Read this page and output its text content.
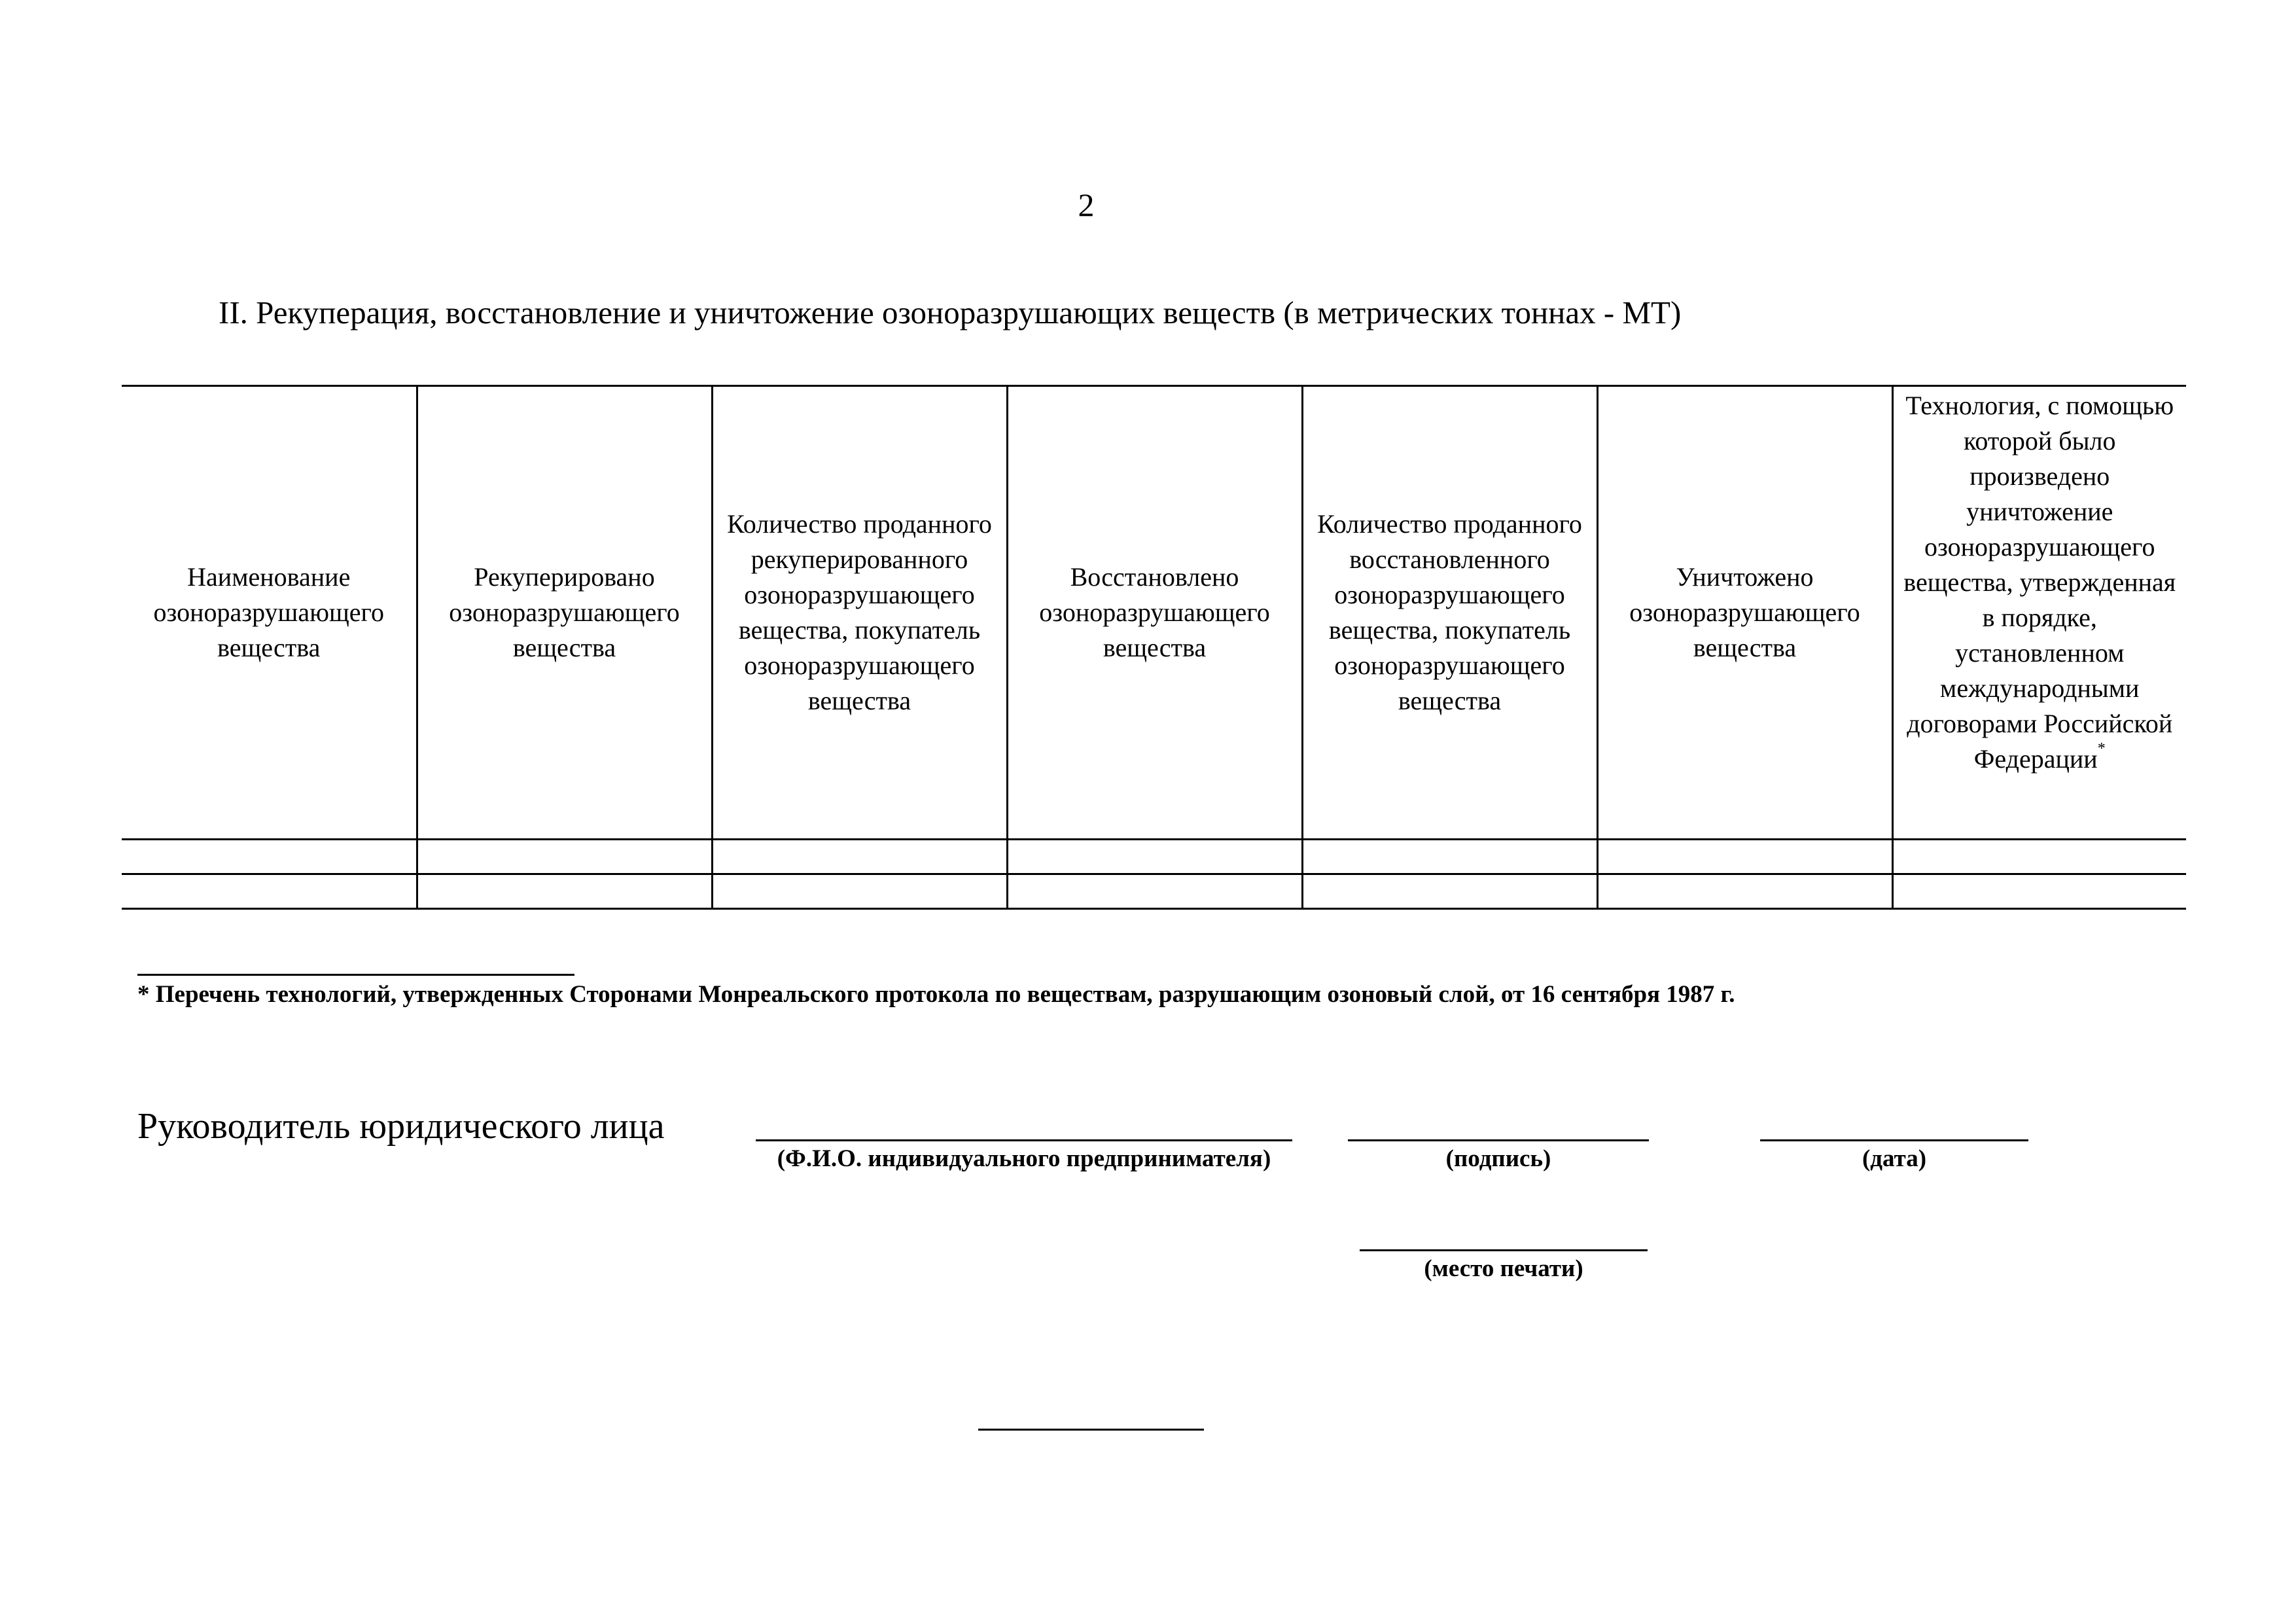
2
II. Рекуперация, восстановление и уничтожение озоноразрушающих веществ (в метрических тоннах - МТ)
Наименование озоноразрушающего вещества	Рекуперировано озоноразрушающего вещества	Количество проданного рекуперированного озоноразрушающего вещества, покупатель озоноразрушающего вещества	Восстановлено озоноразрушающего вещества	Количество проданного восстановленного озоноразрушающего вещества, покупатель озоноразрушающего вещества	Уничтожено озоноразрушающего вещества	Технология, с помощью которой было произведено уничтожение озоноразрушающего вещества, утвержденная в порядке, установленном международными договорами Российской Федерации*

* Перечень технологий, утвержденных Сторонами Монреальского протокола по веществам, разрушающим озоновый слой, от 16 сентября 1987 г.
Руководитель юридического лица
(Ф.И.О. индивидуального предпринимателя)	(подпись)	(дата)
(место печати)
